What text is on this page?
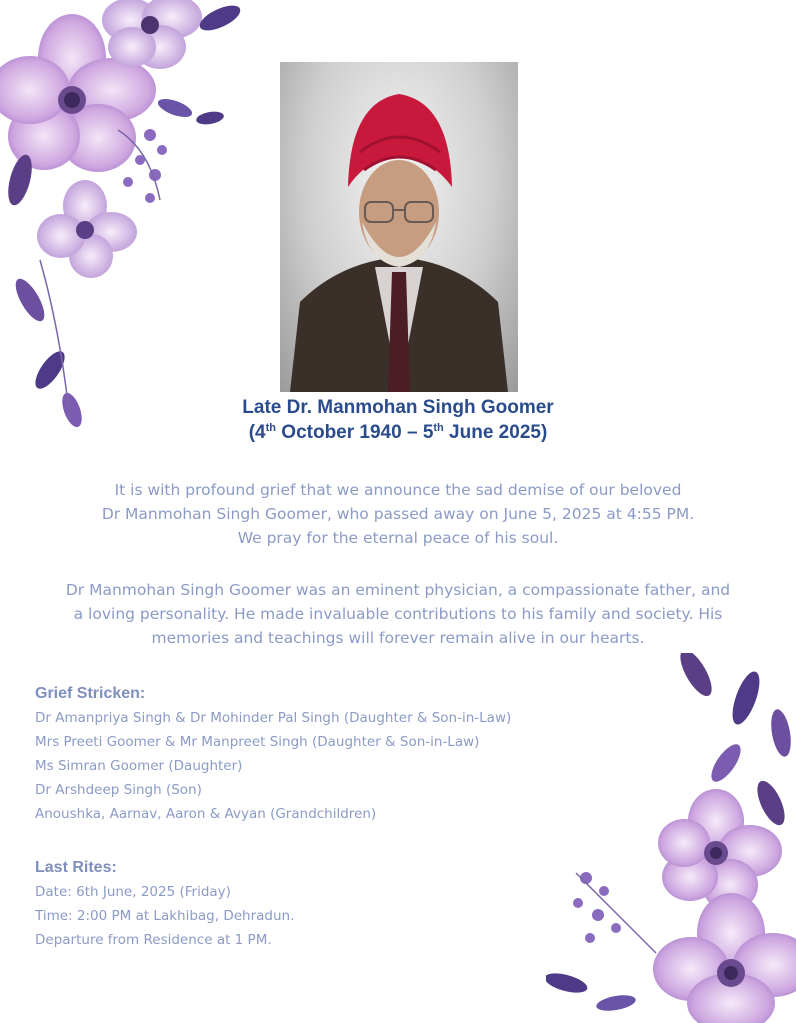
Late Dr. Manmohan Singh Goomer
(4th October 1940 – 5th June 2025)
It is with profound grief that we announce the sad demise of our beloved
Dr Manmohan Singh Goomer, who passed away on June 5, 2025 at 4:55 PM.
We pray for the eternal peace of his soul.
Dr Manmohan Singh Goomer was an eminent physician, a compassionate father, and
a loving personality. He made invaluable contributions to his family and society. His
memories and teachings will forever remain alive in our hearts.
Grief Stricken:
Dr Amanpriya Singh & Dr Mohinder Pal Singh (Daughter & Son-in-Law)
Mrs Preeti Goomer & Mr Manpreet Singh (Daughter & Son-in-Law)
Ms Simran Goomer (Daughter)
Dr Arshdeep Singh (Son)
Anoushka, Aarnav, Aaron & Avyan (Grandchildren)
Last Rites:
Date: 6th June, 2025 (Friday)
Time: 2:00 PM at Lakhibag, Dehradun.
Departure from Residence at 1 PM.
